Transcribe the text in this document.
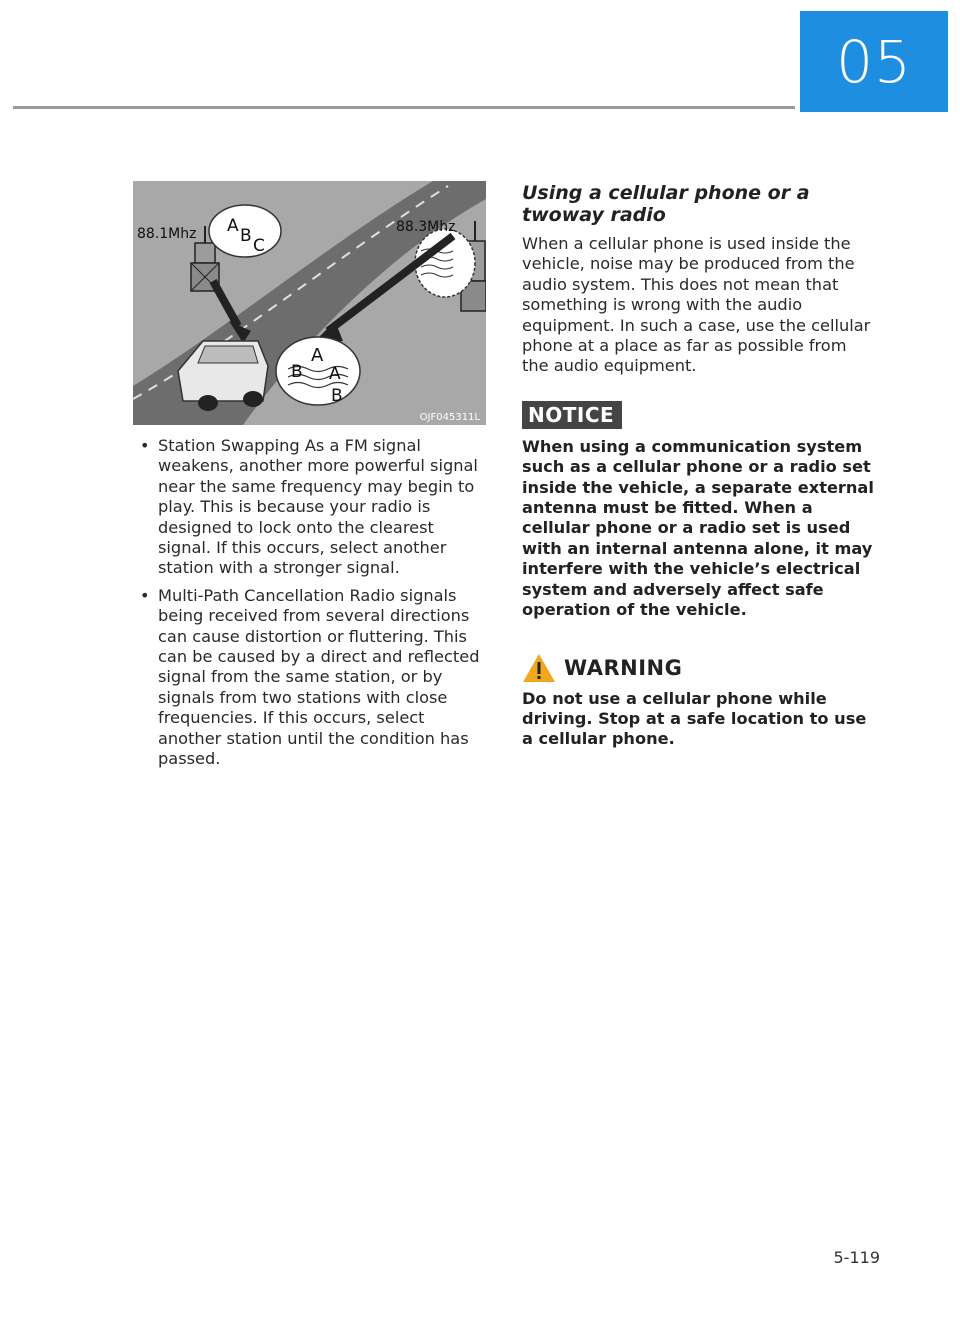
05
88.1Mhz	88.3Mhz
A B C
A
B A
B
OJF045311L
• Station Swapping As a FM signal weakens, another more powerful signal near the same frequency may begin to play. This is because your radio is designed to lock onto the clearest signal. If this occurs, select another station with a stronger signal.
• Multi-Path Cancellation Radio signals being received from several directions can cause distortion or fluttering. This can be caused by a direct and reflected signal from the same station, or by signals from two stations with close frequencies. If this occurs, select another station until the condition has passed.
Using a cellular phone or a twoway radio

When a cellular phone is used inside the vehicle, noise may be produced from the audio system. This does not mean that something is wrong with the audio equipment. In such a case, use the cellular phone at a place as far as possible from the audio equipment.

NOTICE

When using a communication system such as a cellular phone or a radio set inside the vehicle, a separate external antenna must be fitted. When a cellular phone or a radio set is used with an internal antenna alone, it may interfere with the vehicle’s electrical system and adversely affect safe operation of the vehicle.

WARNING

Do not use a cellular phone while driving. Stop at a safe location to use a cellular phone.

5-119
